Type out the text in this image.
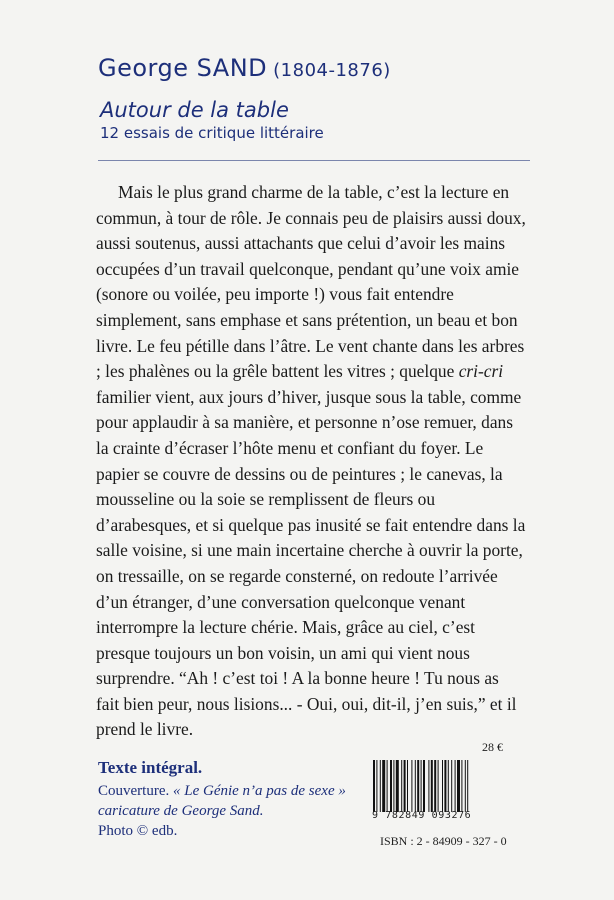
George SAND (1804-1876)
Autour de la table
12 essais de critique littéraire

Mais le plus grand charme de la table, c’est la lecture en commun, à tour de rôle. Je connais peu de plaisirs aussi doux, aussi soutenus, aussi attachants que celui d’avoir les mains occupées d’un travail quelconque, pendant qu’une voix amie (sonore ou voilée, peu importe !) vous fait entendre simplement, sans emphase et sans prétention, un beau et bon livre. Le feu pétille dans l’âtre. Le vent chante dans les arbres ; les phalènes ou la grêle battent les vitres ; quelque cri-cri familier vient, aux jours d’hiver, jusque sous la table, comme pour applaudir à sa manière, et personne n’ose remuer, dans la crainte d’écraser l’hôte menu et confiant du foyer. Le papier se couvre de dessins ou de peintures ; le canevas, la mousseline ou la soie se remplissent de fleurs ou d’arabesques, et si quelque pas inusité se fait entendre dans la salle voisine, si une main incertaine cherche à ouvrir la porte, on tressaille, on se regarde consterné, on redoute l’arrivée d’un étranger, d’une conversation quelconque venant interrompre la lecture chérie. Mais, grâce au ciel, c’est presque toujours un bon voisin, un ami qui vient nous surprendre. “Ah ! c’est toi ! A la bonne heure ! Tu nous as fait bien peur, nous lisions... - Oui, oui, dit-il, j’en suis,” et il prend le livre.

Texte intégral.
Couverture. « Le Génie n’a pas de sexe » caricature de George Sand.
Photo © edb.
28 €
9 782849 093276
ISBN : 2 - 84909 - 327 - 0
